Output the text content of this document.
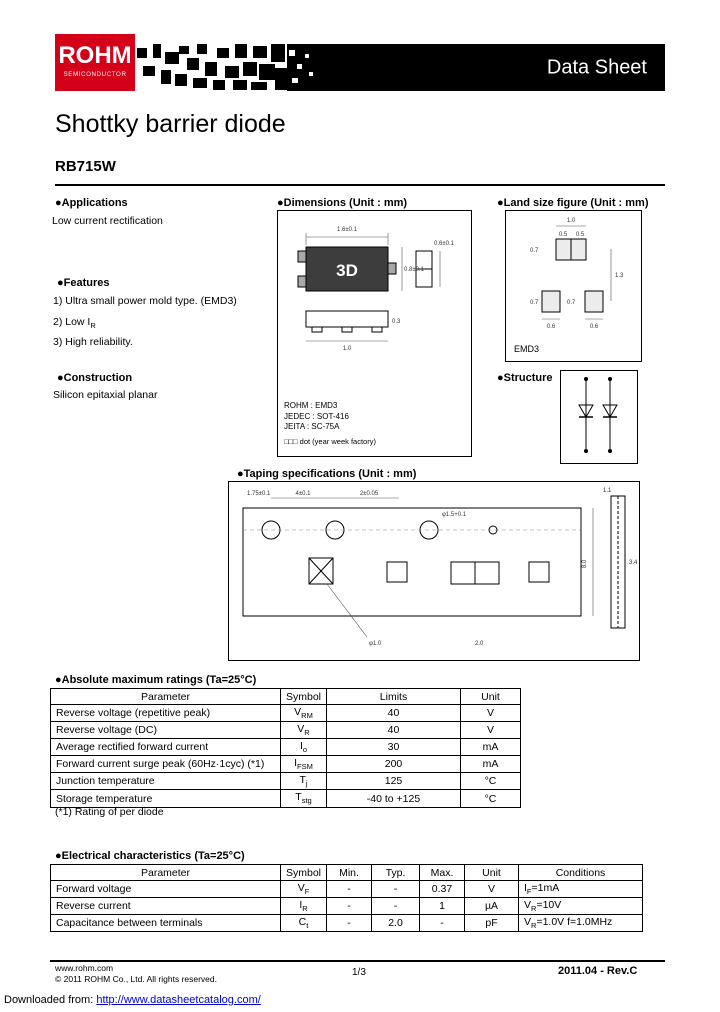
ROHM
SEMICONDUCTOR	Data Sheet
Shottky barrier diode
RB715W
●Applications
Low current rectification
●Features
1) Ultra small power mold type. (EMD3)
2) Low $I_R$
3) High reliability.
●Construction
Silicon epitaxial planar
●Dimensions (Unit : mm)
1.6±0.1
0.8±0.1
0.6±0.1
0.3
1.0
3D
ROHM : EMD3
JEDEC : SOT-416
JEITA : SC-75A
□□□ dot (year week factory)
●Land size figure (Unit : mm)
1.0
0.5 0.5
0.7
0.7
1.3
0.7
0.6	0.6
EMD3
●Structure
●Taping specifications (Unit : mm)
4±0.1	2±0.05
φ1.5+0.1
1.75±0.1
8.0
φ1.0	2.0
1.1
3.4
●Absolute maximum ratings (Ta=25°C)
Parameter	Symbol	Limits	Unit
Reverse voltage (repetitive peak)	$V_{RM}$	40	V
Reverse voltage (DC)	$V_R$	40	V
Average rectified forward current	$I_o$	30	mA
Forward current surge peak (60Hz·1cyc) (*1)	$I_{FSM}$	200	mA
Junction temperature	$T_j$	125	°C
Storage temperature	$T_{stg}$	-40 to +125	°C
(*1) Rating of per diode
●Electrical characteristics (Ta=25°C)
Parameter	Symbol	Min.	Typ.	Max.	Unit	Conditions
Forward voltage	$V_F$	-	-	0.37	V	$I_F=1mA$
Reverse current	$I_R$	-	-	1	µA	$V_R=10V$
Capacitance between terminals	$C_t$	-	2.0	-	pF	$V_R=1.0V$ f=1.0MHz
www.rohm.com
© 2011 ROHM Co., Ltd. All rights reserved.
1/3	2011.04 - Rev.C
Downloaded from: http://www.datasheetcatalog.com/
